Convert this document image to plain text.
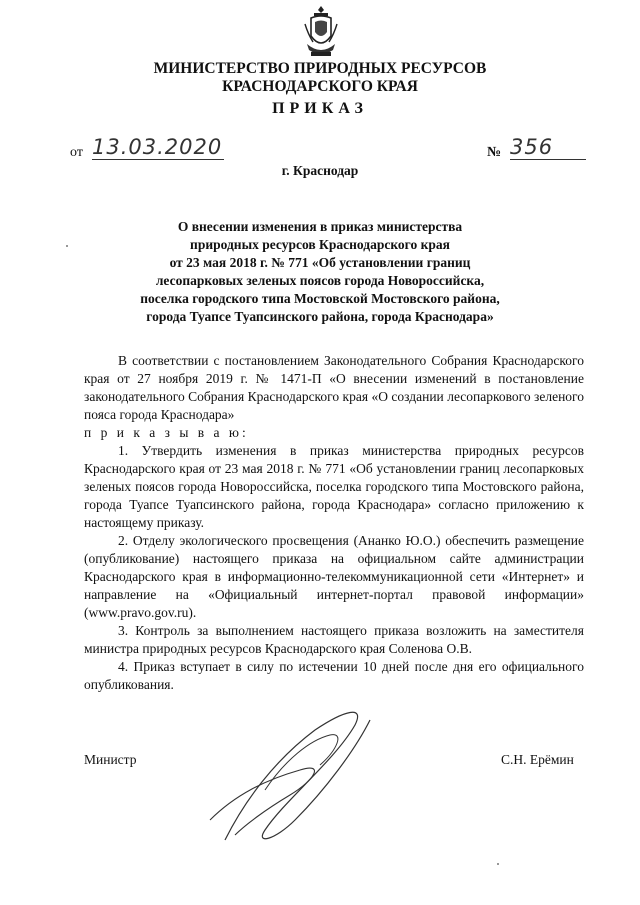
МИНИСТЕРСТВО ПРИРОДНЫХ РЕСУРСОВ
КРАСНОДАРСКОГО КРАЯ
ПРИКАЗ
от 13.03.2020	№ 356
г. Краснодар
О внесении изменения в приказ министерства
природных ресурсов Краснодарского края
от 23 мая 2018 г. № 771 «Об установлении границ
лесопарковых зеленых поясов города Новороссийска,
поселка городского типа Мостовской Мостовского района,
города Туапсе Туапсинского района, города Краснодара»

В соответствии с постановлением Законодательного Собрания Краснодарского края от 27 ноября 2019 г. № 1471-П «О внесении изменений в постановление законодательного Собрания Краснодарского края «О создании лесопаркового зеленого пояса города Краснодара»

п р и к а з ы в а ю:

1. Утвердить изменения в приказ министерства природных ресурсов Краснодарского края от 23 мая 2018 г. № 771 «Об установлении границ лесопарковых зеленых поясов города Новороссийска, поселка городского типа Мостовского района, города Туапсе Туапсинского района, города Краснодара» согласно приложению к настоящему приказу.

2. Отделу экологического просвещения (Ананко Ю.О.) обеспечить размещение (опубликование) настоящего приказа на официальном сайте администрации Краснодарского края в информационно-телекоммуникационной сети «Интернет» и направление на «Официальный интернет-портал правовой информации» (www.pravo.gov.ru).

3. Контроль за выполнением настоящего приказа возложить на заместителя министра природных ресурсов Краснодарского края Соленова О.В.

4. Приказ вступает в силу по истечении 10 дней после дня его официального опубликования.

Министр	С.Н. Ерёмин
